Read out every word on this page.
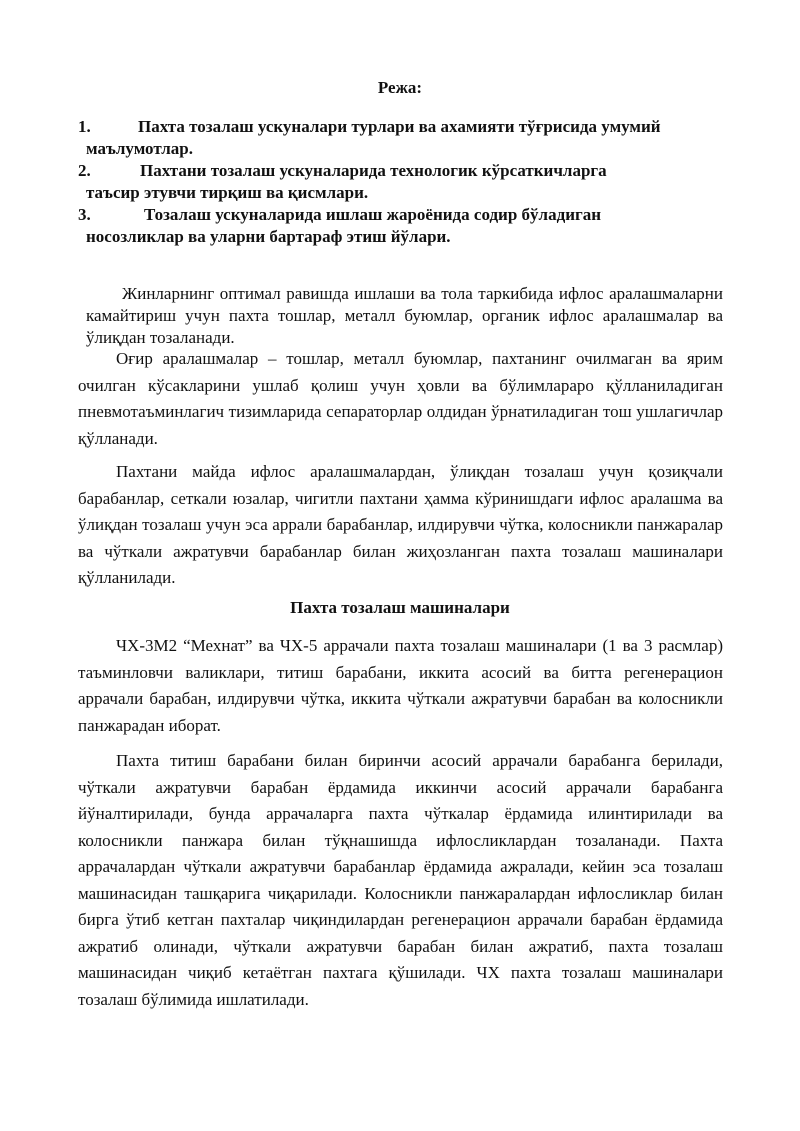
Режа:
1.	Пахта тозалаш ускуналари турлари ва ахамияти тўғрисида умумий
маълумотлар.
2.	Пахтани тозалаш ускуналарида технологик кўрсаткичларга
таъсир этувчи тирқиш ва қисмлари.
3.	Тозалаш ускуналарида ишлаш жароёнида содир бўладиган
носозликлар ва уларни бартараф этиш йўлари.

Жинларнинг оптимал равишда ишлаши ва тола таркибида ифлос аралашмаларни камайтириш учун пахта тошлар, металл буюмлар, органик ифлос аралашмалар ва ўлиқдан тозаланади.

Оғир аралашмалар – тошлар, металл буюмлар, пахтанинг очилмаган ва ярим очилган кўсакларини ушлаб қолиш учун ҳовли ва бўлимлараро қўлланиладиган пневмотаъминлагич тизимларида сепараторлар олдидан ўрнатиладиган тош ушлагичлар қўлланади.

Пахтани майда ифлос аралашмалардан, ўлиқдан тозалаш учун қозиқчали барабанлар, сеткали юзалар, чигитли пахтани ҳамма кўринишдаги ифлос аралашма ва ўлиқдан тозалаш учун эса аррали барабанлар, илдирувчи чўтка, колосникли панжаралар ва чўткали ажратувчи барабанлар билан жиҳозланган пахта тозалаш машиналари қўлланилади.

Пахта тозалаш машиналари

ЧХ-3М2 “Мехнат” ва ЧХ-5 аррачали пахта тозалаш машиналари (1 ва 3 расмлар) таъминловчи валиклари, титиш барабани, иккита асосий ва битта регенерацион аррачали барабан, илдирувчи чўтка, иккита чўткали ажратувчи барабан ва колосникли панжарадан иборат.

Пахта титиш барабани билан биринчи асосий аррачали барабанга берилади, чўткали ажратувчи барабан ёрдамида иккинчи асосий аррачали барабанга йўналтирилади, бунда аррачаларга пахта чўткалар ёрдамида илинтирилади ва колосникли панжара билан тўқнашишда ифлосликлардан тозаланади. Пахта аррачалардан чўткали ажратувчи барабанлар ёрдамида ажралади, кейин эса тозалаш машинасидан ташқарига чиқарилади. Колосникли панжаралардан ифлосликлар билан бирга ўтиб кетган пахталар чиқиндилардан регенерацион аррачали барабан ёрдамида ажратиб олинади, чўткали ажратувчи барабан билан ажратиб, пахта тозалаш машинасидан чиқиб кетаётган пахтага қўшилади. ЧХ пахта тозалаш машиналари тозалаш бўлимида ишлатилади.
